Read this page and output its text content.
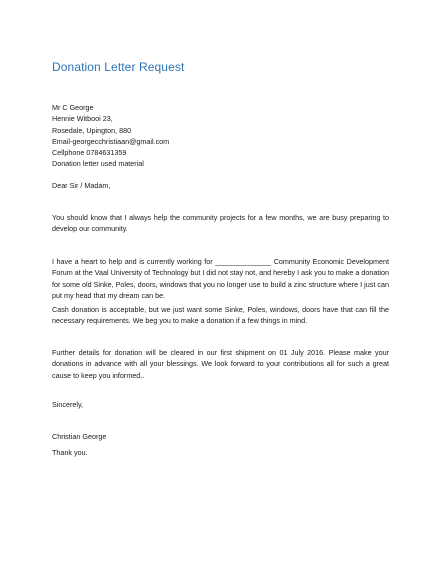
Donation Letter Request
Mr C George
Hennie Witbooi 23,
Rosedale, Upington, 880
Email-georgecchristiaan@gmail.com
Cellphone 0784631359
Donation letter used material
Dear Sir / Madam,

You should know that I always help the community projects for a few months, we are busy preparing to develop our community.

I have a heart to help and is currently working for ______________ Community Economic Development Forum at the Vaal University of Technology but I did not stay not, and hereby I ask you to make a donation for some old Sinke, Poles, doors, windows that you no longer use to build a zinc structure where I just can put my head that my dream can be.

Cash donation is acceptable, but we just want some Sinke, Poles, windows, doors have that can fill the necessary requirements. We beg you to make a donation if a few things in mind.

Further details for donation will be cleared in our first shipment on 01 July 2016. Please make your donations in advance with all your blessings. We look forward to your contributions all for such a great cause to keep you informed..

Sincerely,
Christian George
Thank you.
